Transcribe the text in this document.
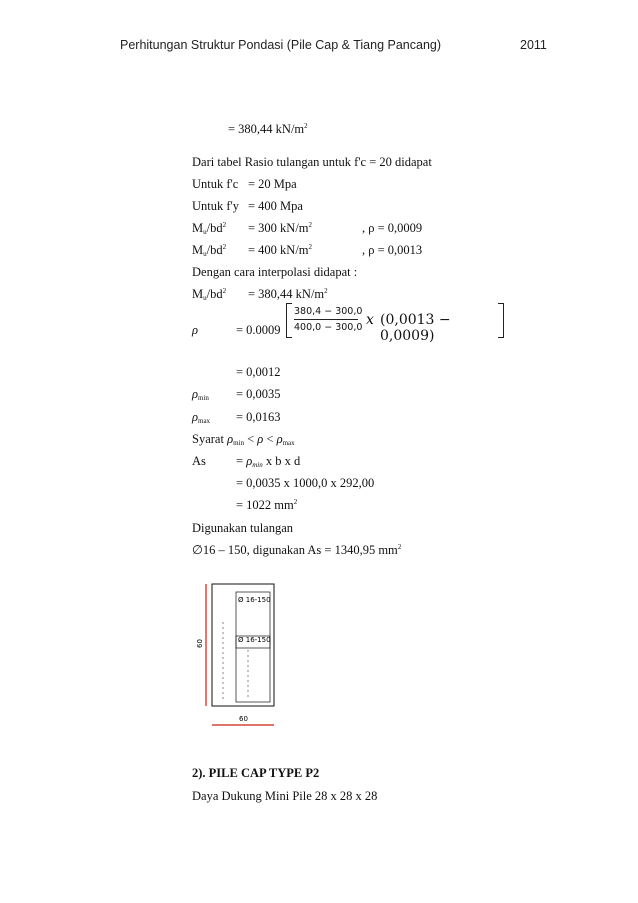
Perhitungan Struktur Pondasi (Pile Cap & Tiang Pancang)	2011
= 380,44 $kN/m^2$
Dari tabel Rasio tulangan untuk f'c = 20 didapat
Untuk f'c = 20 Mpa
Untuk f'y = 400 Mpa
$M_u/bd^2 = 300$ $kN/m^2$	, ρ = 0,0009
$M_u/bd^2 = 400$ $kN/m^2$	, ρ = 0,0013
Dengan cara interpolasi didapat :
$M_u/bd^2 = 380,44$ $kN/m^2$
ρ	= 0.0009
380,4 − 300,0
400,0 − 300,0 x (0,0013 − 0,0009)
= 0,0012
$\rho_{min} = 0,0035$
$\rho_{max} = 0,0163$
Syarat $\rho_{min} < \rho < \rho_{max}$
$As = \rho_{min}$ x b x d
= 0,0035 x 1000,0 x 292,00
= 1022 $mm^2$
Digunakan tulangan
∅16 – 150, digunakan As = 1340,95 $mm^2$
Ø 16-150
Ø 16-150
60
60
2). PILE CAP TYPE P2
Daya Dukung Mini Pile 28 x 28 x 28
